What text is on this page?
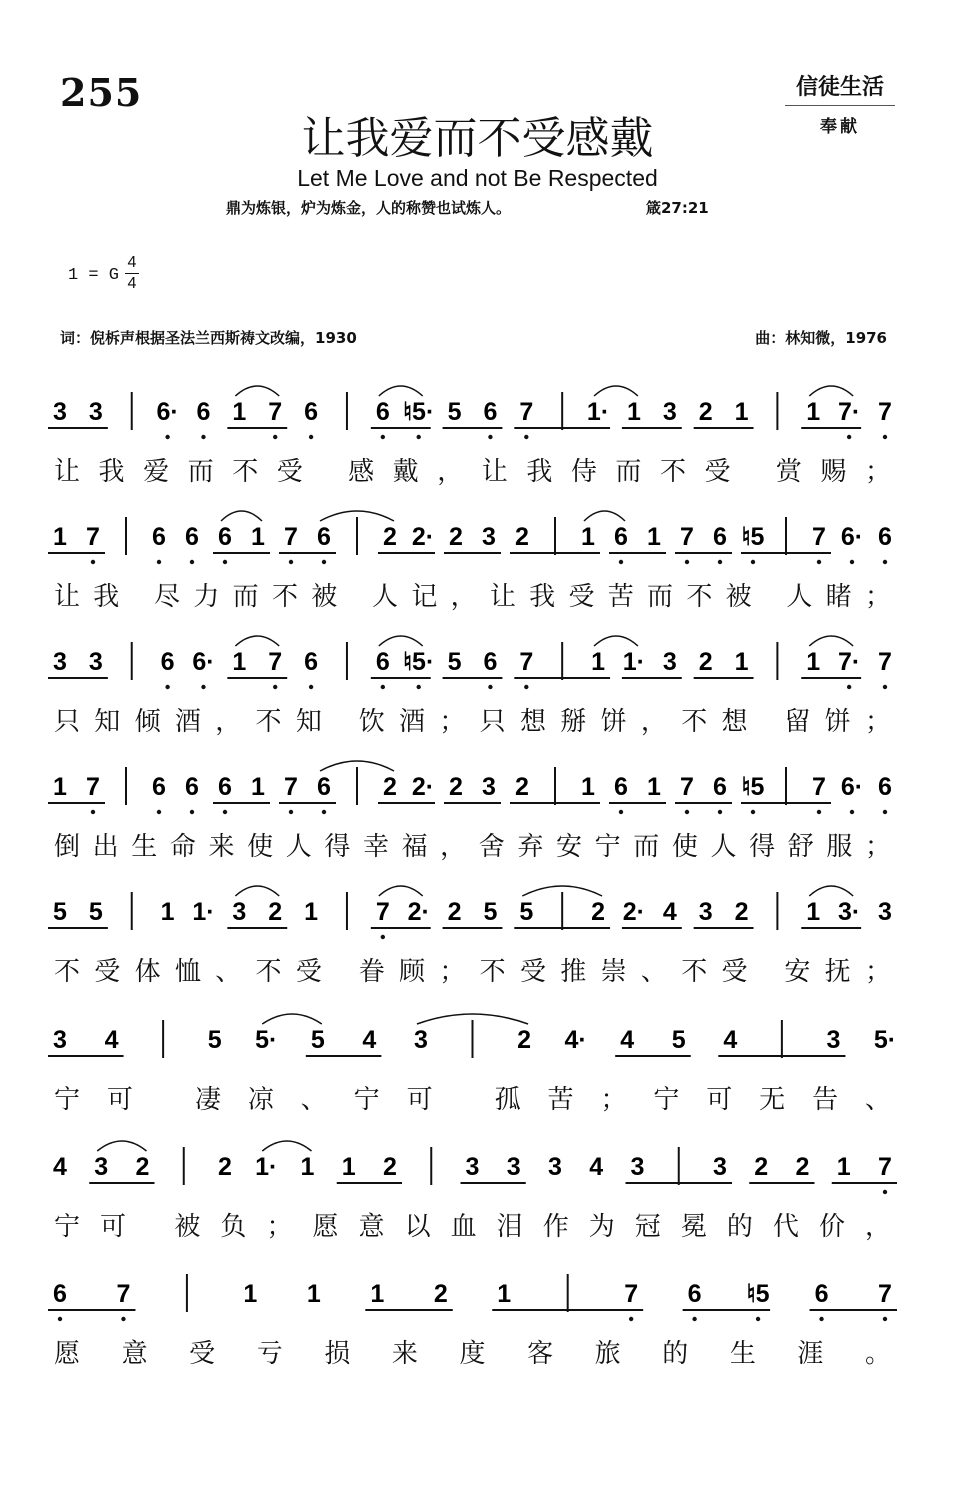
255	信徒生活
奉献
让我爱而不受感戴
Let Me Love and not Be Respected
鼎为炼银，炉为炼金，人的称赞也试炼人。	箴27:21
1 = G
4
4
词：倪柝声根据圣法兰西斯祷文改编，1930	曲：林知微，1976
3 3 6· 6 1 7 6 6 ♮5· 5 6 7 1· 1 3 2 1 1 7· 7
让我爱而不受 感戴，让我侍而不受 赏赐；
1 7 6 6 6 1 7 6 2 2· 2 3 2 1 6 1 7 6 ♮5 7 6· 6
让我 尽力而不被 人记，让我受苦而不被 人睹；
3 3 6 6· 1 7 6 6 ♮5· 5 6 7 1 1· 3 2 1 1 7· 7
只知倾酒，不知 饮酒；只想掰饼，不想 留饼；
1 7 6 6 6 1 7 6 2 2· 2 3 2 1 6 1 7 6 ♮5 7 6· 6
倒出生命来使人得幸福，舍弃安宁而使人得舒服；
5 5 1 1· 3 2 1 7 2· 2 5 5 2 2· 4 3 2 1 3· 3
不受体恤、不受 眷顾；不受推崇、不受 安抚；
3 4	5 5· 5 4 3	2 4· 4 5 4	3 5·
宁可 凄凉、宁可 孤苦；宁可无告、
4 3 2	2 1· 1 1 2	3 3 3 4 3	3 2 2 1 7
宁可 被负；愿意以血泪作为冠冕的代价，
6 7	1 1 1 2 1	7 6 ♮5 6 7
愿意受亏损来度客旅的生涯。
